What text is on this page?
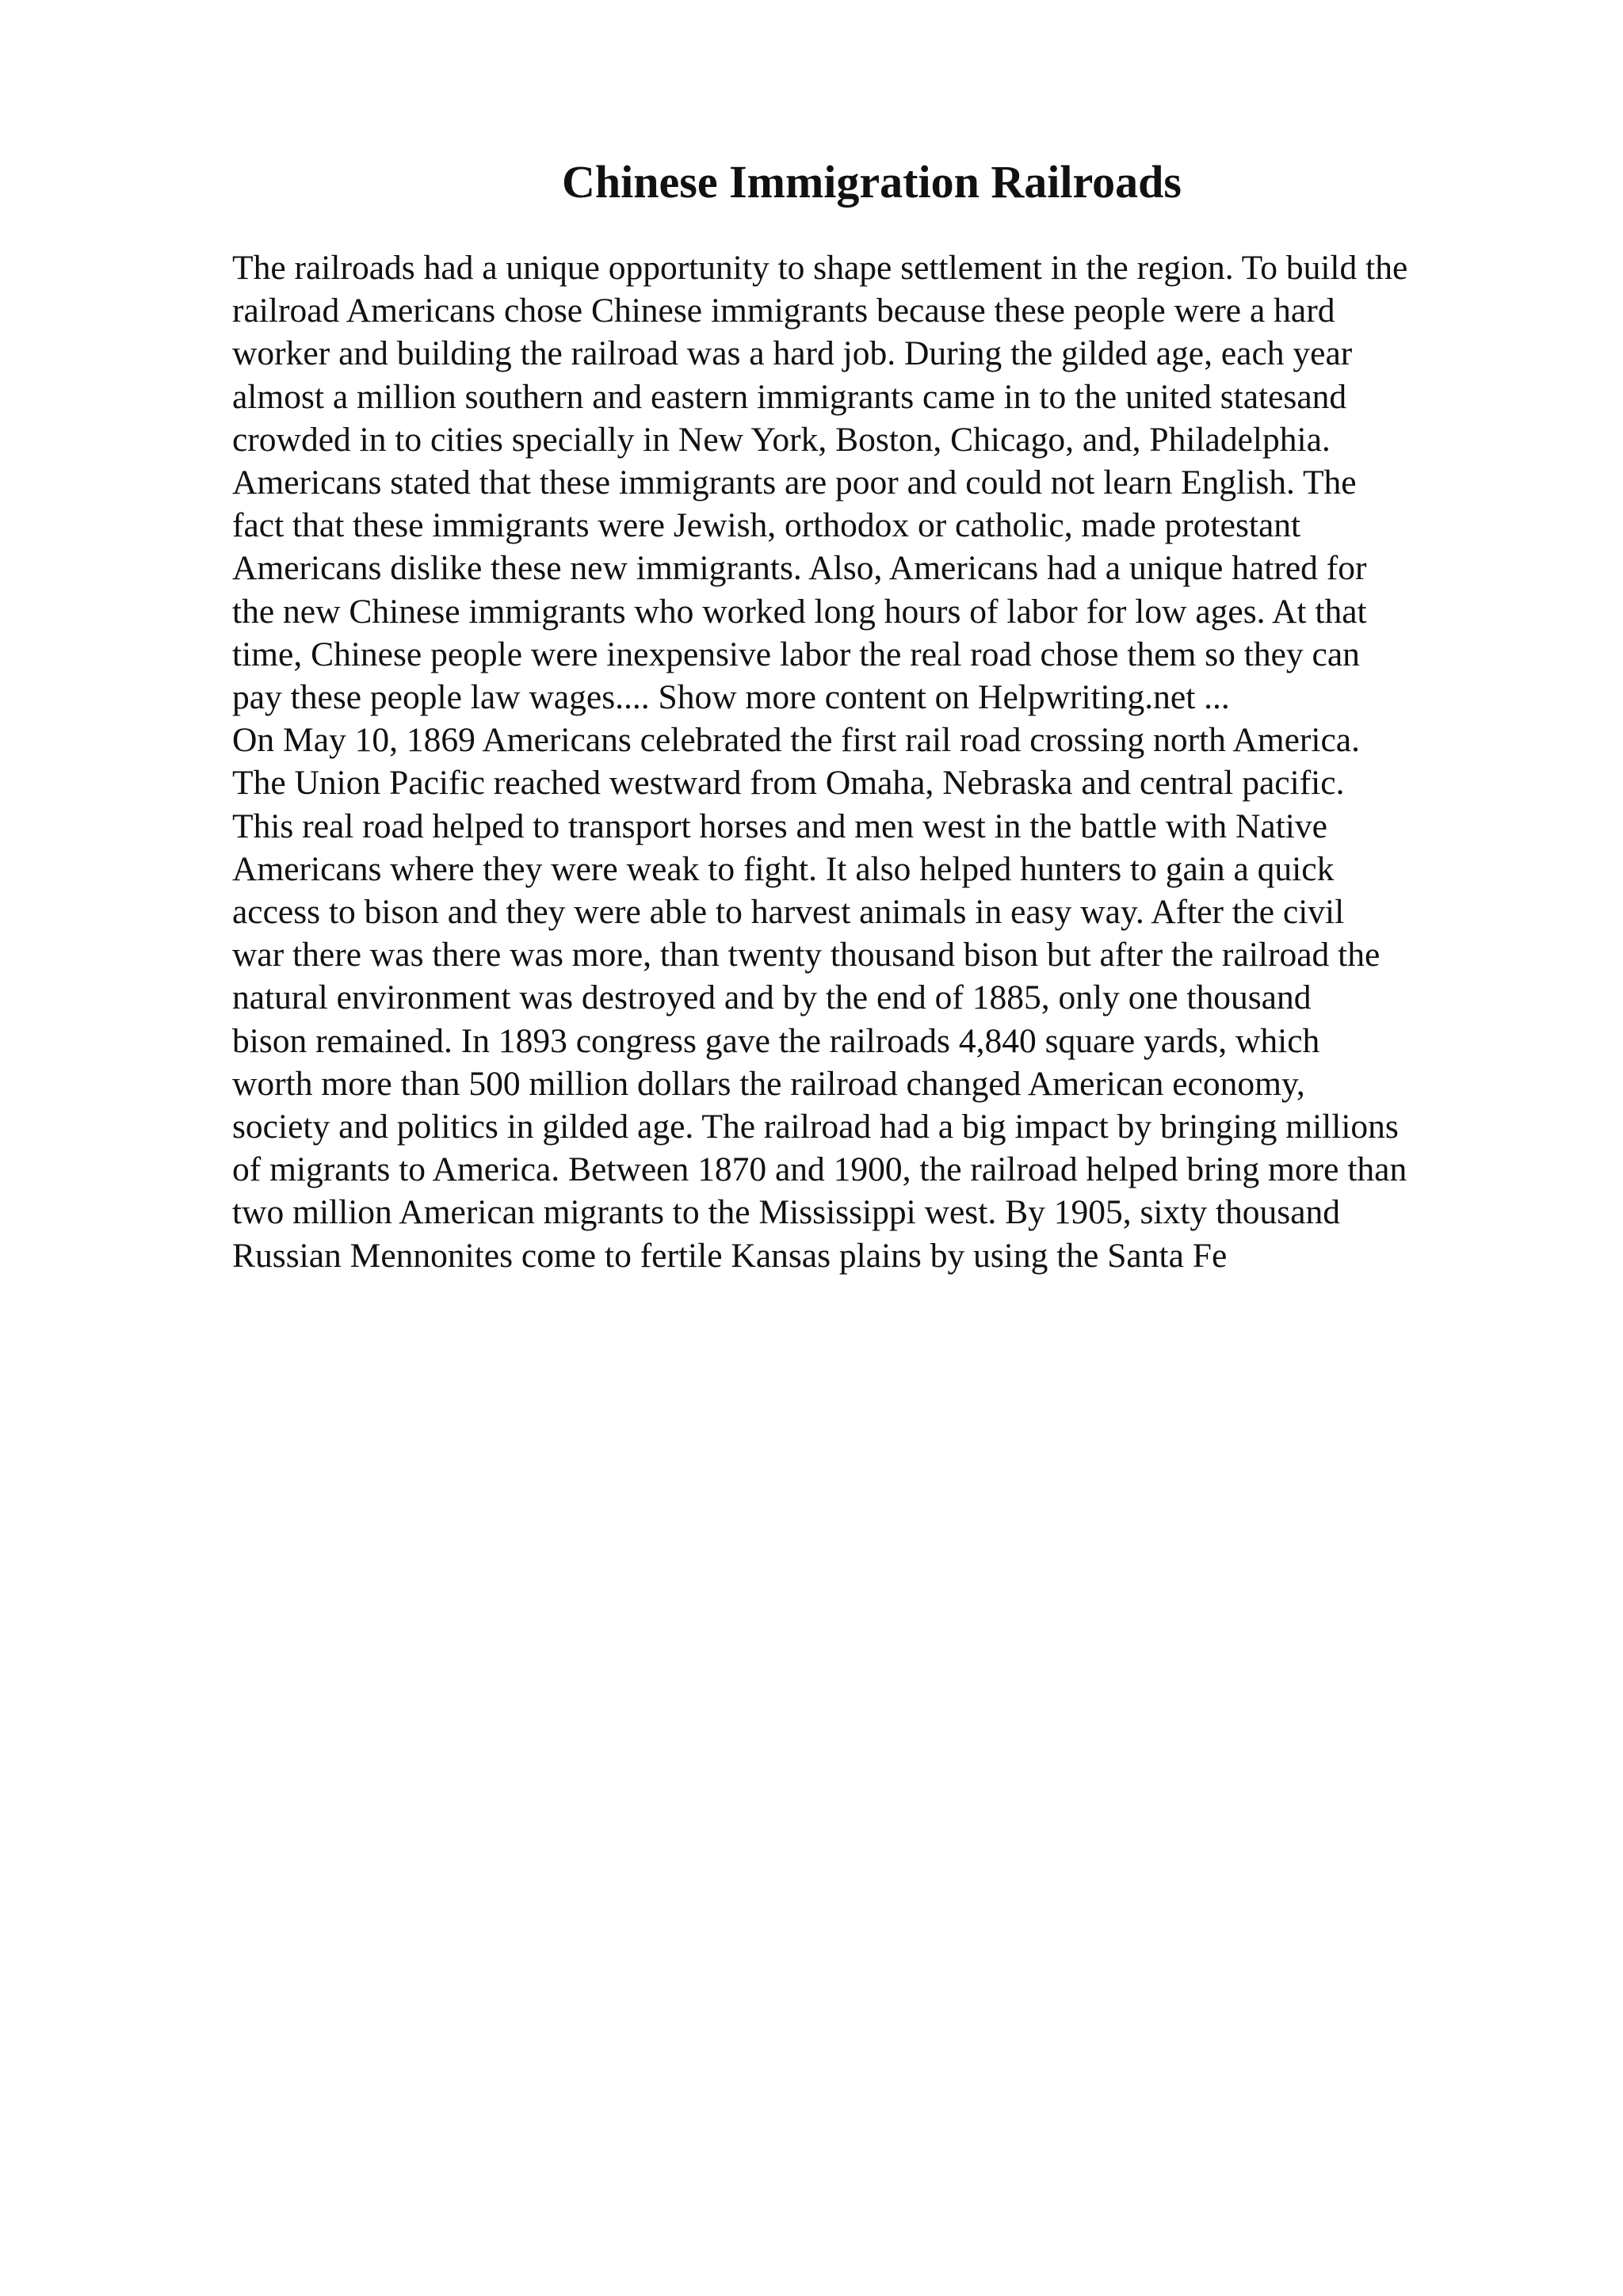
Chinese Immigration Railroads
The railroads had a unique opportunity to shape settlement in the region. To build the
railroad Americans chose Chinese immigrants because these people were a hard
worker and building the railroad was a hard job. During the gilded age, each year
almost a million southern and eastern immigrants came in to the united statesand
crowded in to cities specially in New York, Boston, Chicago, and, Philadelphia.
Americans stated that these immigrants are poor and could not learn English. The
fact that these immigrants were Jewish, orthodox or catholic, made protestant
Americans dislike these new immigrants. Also, Americans had a unique hatred for
the new Chinese immigrants who worked long hours of labor for low ages. At that
time, Chinese people were inexpensive labor the real road chose them so they can
pay these people law wages.... Show more content on Helpwriting.net ...
On May 10, 1869 Americans celebrated the first rail road crossing north America.
The Union Pacific reached westward from Omaha, Nebraska and central pacific.
This real road helped to transport horses and men west in the battle with Native
Americans where they were weak to fight. It also helped hunters to gain a quick
access to bison and they were able to harvest animals in easy way. After the civil
war there was there was more, than twenty thousand bison but after the railroad the
natural environment was destroyed and by the end of 1885, only one thousand
bison remained. In 1893 congress gave the railroads 4,840 square yards, which
worth more than 500 million dollars the railroad changed American economy,
society and politics in gilded age. The railroad had a big impact by bringing millions
of migrants to America. Between 1870 and 1900, the railroad helped bring more than
two million American migrants to the Mississippi west. By 1905, sixty thousand
Russian Mennonites come to fertile Kansas plains by using the Santa Fe
